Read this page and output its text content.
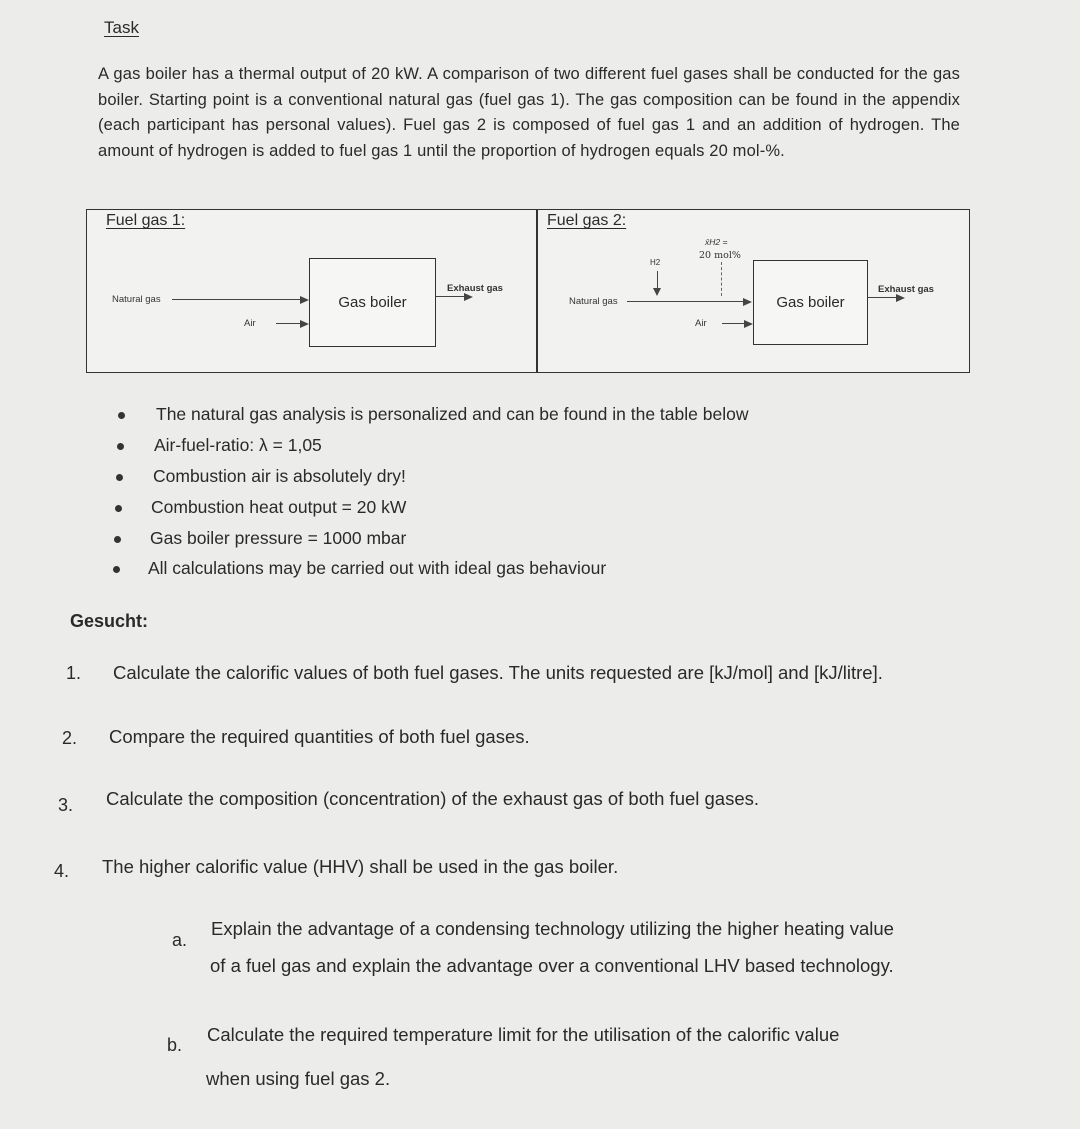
Task
A gas boiler has a thermal output of 20 kW. A comparison of two different fuel gases shall be conducted for the gas boiler. Starting point is a conventional natural gas (fuel gas 1). The gas composition can be found in the appendix (each participant has personal values). Fuel gas 2 is composed of fuel gas 1 and an addition of hydrogen. The amount of hydrogen is added to fuel gas 1 until the proportion of hydrogen equals 20 mol-%.
Fuel gas 1:
Natural gas
Air
Gas boiler
Exhaust gas
Fuel gas 2:
x̄H2 =
20 mol%
H2
Natural gas
Air
Gas boiler
Exhaust gas
The natural gas analysis is personalized and can be found in the table below
Air-fuel-ratio: λ = 1,05
Combustion air is absolutely dry!
Combustion heat output = 20 kW
Gas boiler pressure = 1000 mbar
All calculations may be carried out with ideal gas behaviour
Gesucht:
1. Calculate the calorific values of both fuel gases. The units requested are [kJ/mol] and [kJ/litre].
2. Compare the required quantities of both fuel gases.
3. Calculate the composition (concentration) of the exhaust gas of both fuel gases.
4. The higher calorific value (HHV) shall be used in the gas boiler.
a.
Explain the advantage of a condensing technology utilizing the higher heating value
of a fuel gas and explain the advantage over a conventional LHV based technology.
b. Calculate the required temperature limit for the utilisation of the calorific value
when using fuel gas 2.
